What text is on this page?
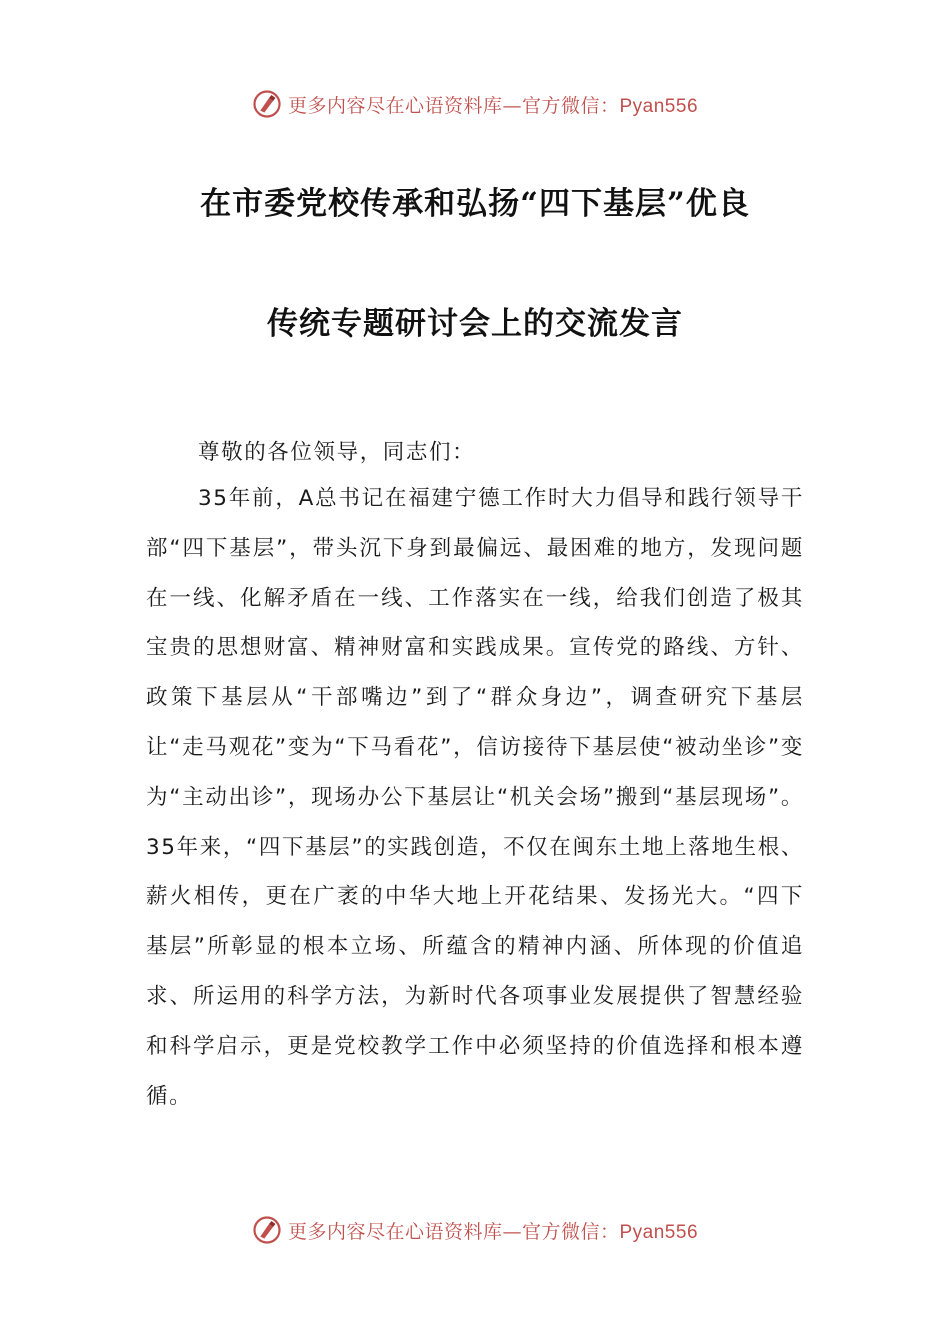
更多内容尽在心语资料库—官方微信：Pyan556
在市委党校传承和弘扬“四下基层”优良
传统专题研讨会上的交流发言

尊敬的各位领导，同志们：

35年前，A总书记在福建宁德工作时大力倡导和践行领导干部“四下基层”，带头沉下身到最偏远、最困难的地方，发现问题在一线、化解矛盾在一线、工作落实在一线，给我们创造了极其宝贵的思想财富、精神财富和实践成果。宣传党的路线、方针、政策下基层从“干部嘴边”到了“群众身边”，调查研究下基层让“走马观花”变为“下马看花”，信访接待下基层使“被动坐诊”变为“主动出诊”，现场办公下基层让“机关会场”搬到“基层现场”。35年来，“四下基层”的实践创造，不仅在闽东土地上落地生根、薪火相传，更在广袤的中华大地上开花结果、发扬光大。“四下基层”所彰显的根本立场、所蕴含的精神内涵、所体现的价值追求、所运用的科学方法，为新时代各项事业发展提供了智慧经验和科学启示，更是党校教学工作中必须坚持的价值选择和根本遵循。

更多内容尽在心语资料库—官方微信：Pyan556
